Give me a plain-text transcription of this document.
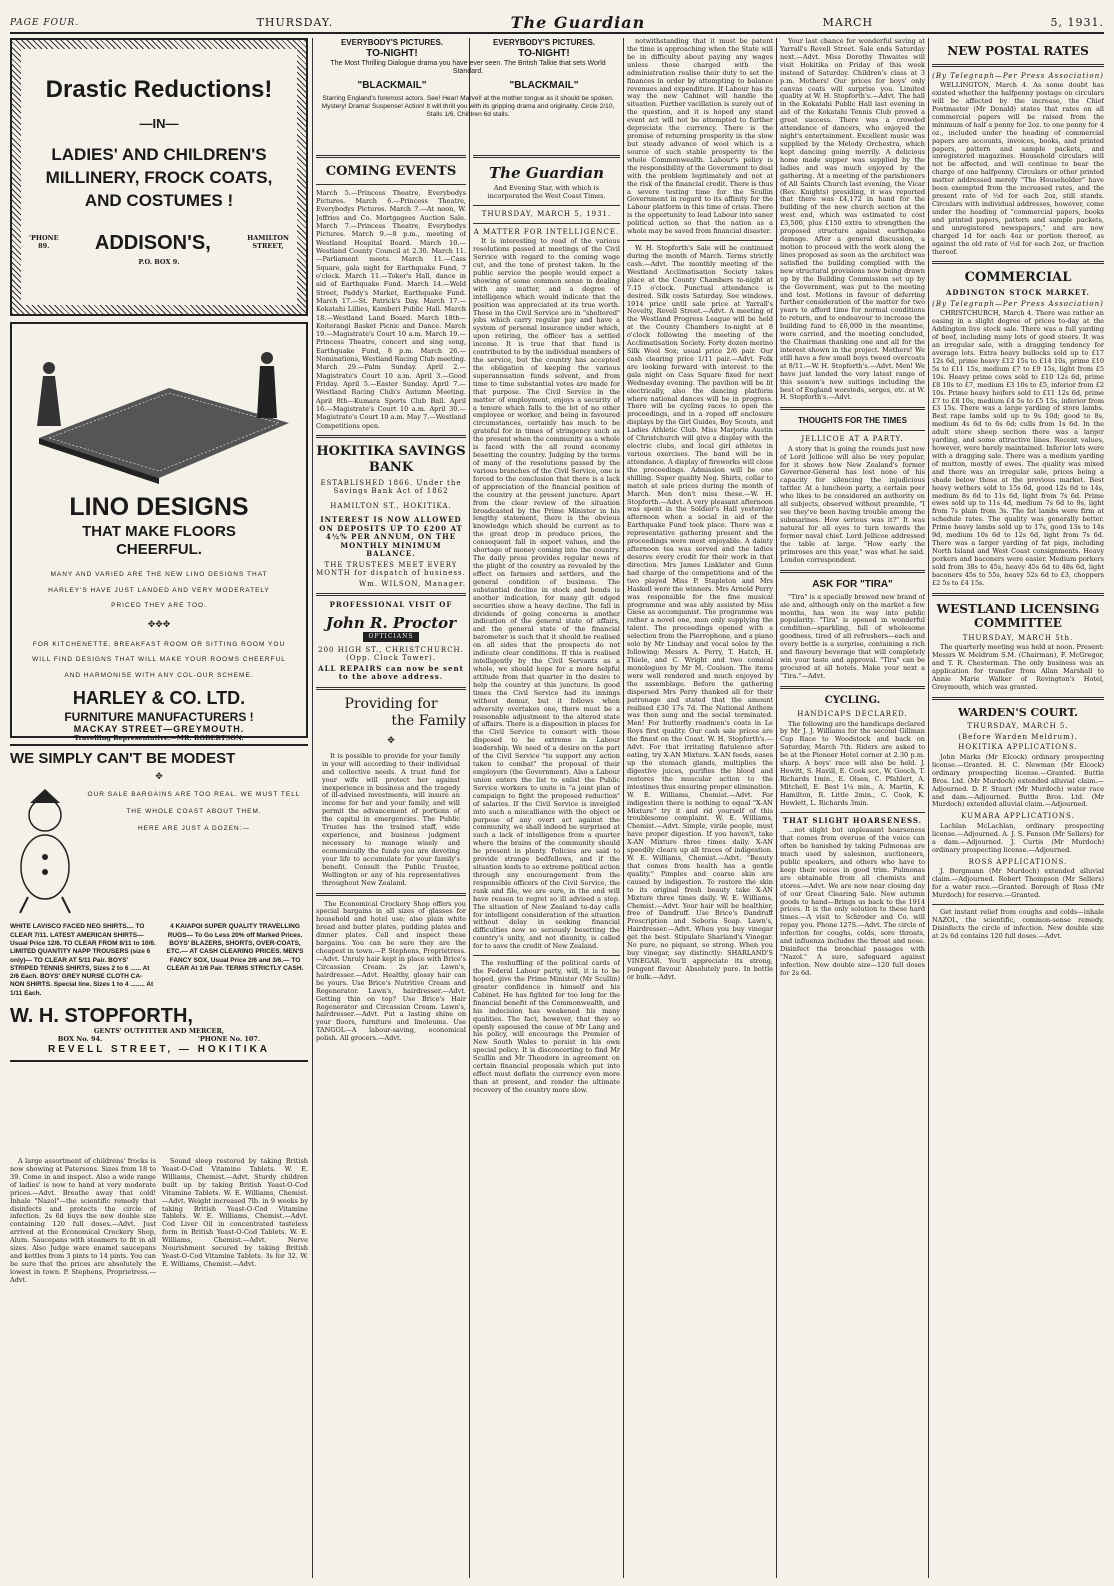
PAGE FOUR.	THURSDAY.	The Guardian	MARCH	5, 1931.
Drastic Reductions!
—IN—
LADIES' AND CHILDREN'S MILLINERY, FROCK COATS, AND COSTUMES !
'PHONE
89.	ADDISON'S,	HAMILTON
STREET,
P.O. BOX 9.
LINO DESIGNS
THAT MAKE FLOORS
CHEERFUL.
MANY AND VARIED ARE THE NEW LINO DESIGNS THAT HARLEY'S HAVE JUST LANDED AND VERY MODERATELY PRICED THEY ARE TOO.
✥✥✥
FOR KITCHENETTE, BREAKFAST ROOM OR SITTING ROOM YOU WILL FIND DESIGNS THAT WILL MAKE YOUR ROOMS CHEERFUL AND HARMONISE WITH ANY COL-OUR SCHEME.
HARLEY & CO. LTD.
FURNITURE MANUFACTURERS !
MACKAY STREET—GREYMOUTH.
Travelling Representative:—MR. ROBERTSON.
WE SIMPLY CAN'T BE MODEST
✥
OUR SALE BARGAINS ARE TOO REAL. WE MUST TELL THE WHOLE COAST ABOUT THEM.
HERE ARE JUST A DOZEN:—
WHITE LAVISCO FACED NEG SHIRTS.... TO CLEAR 7/11. LATEST AMERICAN SHIRTS— Usual Price 12/6. TO CLEAR FROM 8/11 to 10/6. LIMITED QUANTITY NAPP TROUSERS (size 6 only)— TO CLEAR AT 5/11 Pair. BOYS' STRIPED TENNIS SHIRTS, Sizes 2 to 6 ...... At 2/6 Each. BOYS' GREY NURSE CLOTH CA-NON SHIRTS. Special line. Sizes 1 to 4 ........ At 1/11 Each.
4 KAIAPOI SUPER QUALITY TRAVELLING RUGS— To Go Less 20% off Marked Prices. BOYS' BLAZERS, SHORTS, OVER-COATS, ETC.— AT CASH CLEARING PRICES. MEN'S FANCY SOX, Usual Price 2/6 and 3/6.— TO CLEAR At 1/6 Pair. TERMS STRICTLY CASH.
W. H. STOPFORTH,
GENTS' OUTFITTER AND MERCER,
BOX No. 94.	'PHONE No. 107.
REVELL STREET, — HOKITIKA
A large assortment of childrens' frocks is now showing at Patersons. Sizes from 18 to 39. Come in and inspect. Also a wide range of ladies' is now to hand at very moderate prices.—Advt. Breathe away that cold! Inhale "Nazol"—the scientific remedy that disinfects and protects the circle of infection. 2s 6d buys the new double size containing 120 full doses.—Advt. Just arrived at the Economical Crockery Shop, Alum. Saucepans with steamers to fit in all sizes. Also Judge ware enamel saucepans and kettles from 3 pints to 14 pints. You can be sure that the prices are absolutely the lowest in town. P. Stephens, Proprietress.—Advt.
Sound sleep restored by taking British Yeast-O-Cod Vitamine Tablets. W. E. Williams, Chemist.—Advt. Sturdy children built up by taking British Yeast-O-Cod Vitamine Tablets. W. E. Williams, Chemist.—Advt. Weight increased 7lb. in 9 weeks by taking British Yeast-O-Cod Vitamine Tablets. W. E. Williams, Chemist.—Advt. Cod Liver Oil in concentrated tasteless form in British Yeast-O-Cod Tablets. W. E. Williams, Chemist.—Advt. Nerve Nourishment secured by taking British Yeast-O-Cod Vitamine Tablets. 3s for 32. W. E. Williams, Chemist.—Advt.
EVERYBODY'S PICTURES.	EVERYBODY'S PICTURES.
TO-NIGHT!	TO-NIGHT!
The Most Thrilling Dialogue drama you have ever seen. The British Talkie that sets World Standard.
"BLACKMAIL"	"BLACKMAIL"
Starring England's foremost actors. See! Hear! Marvel! at the mother tongue as it should be spoken. Mystery! Drama! Suspense! Action! It will thrill you with its gripping drama and originality. Circle 2/10, Stalls 1/6, Children 6d stalls.
COMING EVENTS
March 5.—Princess Theatre, Everybodys Pictures. March 6.—Princess Theatre, Everybodys Pictures. March 7.—At noon, W. Jeffries and Co. Mortgagees Auction Sale. March 7.—Princess Theatre, Everybodys Pictures. March 9.—8 p.m., meeting of Westland Hospital Board. March 10.—Westland County Council at 2.30. March 11.—Parliament meets. March 11.—Cass Square, gala night for Earthquake Fund, 7 o'clock. March 11.—Toker's Hall, dance in aid of Earthquake Fund. March 14.—Weld Street, Paddy's Market, Earthquake Fund. March 17.—St. Patrick's Day. March 17.—Kokatahi Lillies, Kamberi Public Hall. March 18.—Westland Land Board. March 18th—Koiterangi Basket Picnic and Dance. March 19.—Magistrate's Court 10 a.m. March 19.—Princess Theatre, concert and sing song, Earthquake Fund, 8 p.m. March 26.—Nominations, Westland Racing Club meeting. March 29.—Palm Sunday. April 2.—Magistrate's Court 10 a.m. April 3.—Good Friday. April 5.—Easter Sunday. April 7.—Westland Racing Club's Autumn Meeting. April 8th—Kumara Sports Club Ball. April 16.—Magistrate's Court 10 a.m. April 30.—Magistrate's Court 10 a.m. May 7.—Westland Competitions open.
HOKITIKA SAVINGS BANK
ESTABLISHED 1866. Under the Savings Bank Act of 1862
HAMILTON ST., HOKITIKA.
INTEREST IS NOW ALLOWED ON DEPOSITS UP TO £200 AT 4½% PER ANNUM, ON THE MONTHLY MINIMUM BALANCE.
THE TRUSTEES MEET EVERY MONTH for dispatch of business.
Wm. WILSON, Manager.
PROFESSIONAL VISIT OF
John R. Proctor
OPTICIANS
200 HIGH ST., CHRISTCHURCH. (Opp. Clock Tower).
ALL REPAIRS can now be sent to the above address.
Providing for
the Family
✥
It is possible to provide for your family in your will according to their individual and collective needs. A trust fund for your wife will protect her against inexperience in business and the tragedy of ill-advised investments, will insure an income for her and your family, and will permit the advancement of portions of the capital in emergencies. The Public Trustee has the trained staff, wide experience, and business judgment necessary to manage wisely and economically the funds you are devoting your life to accumulate for your family's benefit. Consult the Public Trustee, Wellington or any of his representatives throughout New Zealand.
The Economical Crockery Shop offers you special bargains in all sizes of glasses for household and hotel use; also plain white bread and butter plates, pudding plates and dinner plates. Cell and inspect these bargains. You can be sure they are the cheapest in town.—P. Stephens, Proprietress.—Advt. Unruly hair kept in place with Brice's Circassian Cream. 2s jar. Lawn's, hairdresser.—Advt. Healthy, glossy hair can be yours. Use Brice's Nutritive Cream and Regenerator. Lawn's, hairdresser.—Advt. Getting thin on top? Use Brice's Hair Regenerator and Circassian Cream. Lawn's, hairdresser.—Advt. Put a lasting shine on your floors, furniture and linoleums. Use TANGOL—A labour-saving, economical polish. All grocers.—Advt.
The Guardian
And Evening Star, with which is incorporated the West Coast Times.
THURSDAY, MARCH 5, 1931.
A MATTER FOR INTELLIGENCE.
It is interesting to read of the various resolutions passed at meetings of the Civil Service with regard to the coming wage cut, and the tone of protest taken. In the public service the people would expect a showing of some common sense in dealing with any matter, and a degree of intelligence which would indicate that the position was appreciated at its true worth. Those in the Civil Service are in "sheltered" jobs which carry regular pay and have a system of personal insurance under which, upon retiring, the officer has a settled income. It is true that that fund is contributed to by the individual members of the service, but the country has accepted the obligation of keeping the various superannuation funds solvent, and from time to time substantial votes are made for that purpose. The Civil Service in the matter of employment, enjoys a security of a tenure which falls to the lot of no other employee or worker, and being in favoured circumstances, certainly has much to be grateful for in times of stringency such as the present when the community as a whole is faced with the all round economy besetting the country. Judging by the terms of many of the resolutions passed by the various branches of the Civil Service, one is forced to the conclusion that there is a lack of appreciation of the financial position of the country at the present juncture. Apart from the clear review of the situation broadcasted by the Prime Minister in his lengthy statement, there is the obvious knowledge which should be current as to the great drop in produce prices, the consequent fall in export values, and the shortage of money coming into the country. The daily press provides regular news of the plight of the country as revealed by the effect on farmers and settlers, and the general condition of business. The substantial decline in stock and bonds is another indication, for many gilt edged securities show a heavy decline. The fall in dividends of going concerns is another indication of the general state of affairs, and the general state of the financial barometer is such that it should be realised on all sides that the prospects do not indicate clear conditions. If this is realised intelligently by the Civil Servants as a whole, we should hope for a more helpful attitude from that quarter in the desire to help the country at this juncture. In good times the Civil Service had its innings without demur, but it follows when adversity overtakes one, there must be a reasonable adjustment to the altered state of affairs. There is a disposition in places for the Civil Service to consort with those disposed to be extreme in Labour leadership. We need of a desire on the part of the Civil Service "to support any action taken to combat" the proposal of their employers (the Government). Also a Labour union enters the list to enlist the Public Service workers to unite in "a joint plan of campaign to fight the proposed reduction" of salaries. If the Civil Service is inveigled into such a miscalliance with the object or purpose of any overt act against the community, we shall indeed be surprised at such a lack of intelligence from a quarter where the brains of the community should be present in plenty. Policies are said to provide strange bedfellows, and if the situation leads to so extreme political action through any encouragement from the responsible officers of the Civil Service, the rank and file, we are sure, in the end will have reason to regret so ill advised a step. The situation of New Zealand to-day calls for intelligent consideration of the situation without delay in seeking financial difficulties now so seriously besetting the country's unity, and not disunity, is called for to save the credit of New Zealand.
The reshuffling of the political cards of the Federal Labour party, will, it is to be hoped, give the Prime Minister (Mr Scullin) greater confidence in himself and his Cabinet. He has fighted for too long for the financial benefit of the Commonwealth, and his indecision has weakened his many qualities. The fact, however, that they so openly espoused the cause of Mr Lang and his policy, will encourage the Premier of New South Wales to persist in his own special policy. It is disconcerting to find Mr Scullin and Mr Theodore in agreement on certain financial proposals which put into effect must deflate the currency even more than at present, and render the ultimate recovery of the country more slow.
notwithstanding that it must be patent the time is approaching when the State will be in difficulty about paying any wages unless those charged with the administration realise their duty to set the finances in order by attempting to balance revenues and expenditure. If Labour has its way the new Cabinet will handle the situation. Further vacillation is surely out of the question, and it is hoped any stand event act will not be attempted to further depreciate the currency. There is the promise of returning prosperity in the slow but steady advance of wool which is a source of such stable prosperity to the whole Commonwealth. Labour's policy is the responsibility of the Government to deal with the problem legitimately and not at the risk of the financial credit. There is thus a severe testing time for the Scullin Government in regard to its affinity for the Labour platform in this time of crisis. There is the opportunity to lead Labour into saner political action so that the nation as a whole may be saved from financial disaster.
W. H. Stopforth's Sale will be continued during the month of March. Terms strictly cash.—Advt. The monthly meeting of the Westland Acclimatisation Society takes place at the County Chambers to-night at 7.15 o'clock. Punctual attendance is desired. Silk costs Saturday. See windows. 1914 price until sale price at Yarrall's Novelty, Revell Street.—Advt. A meeting of the Westland Progress League will be held at the County Chambers to-night at 8 o'clock following the meeting of the Acclimatisation Society. Forty dozen merino Silk Wool Sox; usual price 2/6 pair. Our cash clearing price 1/11 pair.—Advt. Folk are looking forward with interest to the gala night on Cass Square fixed for next Wednesday evening. The pavilion will be lit electrically, also the dancing platform where national dances will be in progress. There will be cycling races to open the proceedings, and in a roped off enclosure displays by the Girl Guides, Boy Scouts, and Ladies Athletic Club. Miss Marjorie Austin of Christchurch will give a display with the electric clubs, and local girl athletes in various exercises. The band will be in attendance. A display of fireworks will close the proceedings. Admission will be one shilling. Super quality Neg. Shirts, collar to match at sale prices during the month of March. Men don't miss these.—W. H. Stopforth.—Advt. A very pleasant afternoon was spent in the Soldier's Hall yesterday afternoon when a social in aid of the Earthquake Fund took place. There was a representative gathering present and the proceedings were most enjoyable. A dainty afternoon tea was served and the ladies deserve every credit for their work in that direction. Mrs James Linklater and Gunn had charge of the competitions and of the two played Miss P. Stapleton and Mrs Haskell were the winners. Mrs Arnold Perry was responsible for the fine musical programme and was ably assisted by Miss Giese as accompanist. The programme was rather a novel one, men only supplying the talent. The proceedings opened with a selection from the Pierrophone, and a piano solo by Mr Lindsay and vocal solos by the following: Messrs A. Perry, T. Hatch, H. Thiele, and C. Wright and two comical monologues by Mr M. Coulson. The items were well rendered and much enjoyed by the assemblage. Before the gathering dispersed Mrs Perry thanked all for their patronage and stated that the amount realised £30 17s 7d. The National Anthem was then sung and the social terminated. Men! For butterfly roadmen's coats in Le Roys first quality. Our cash sale prices are the finest on the Coast. W. H. Stopforth's.—Advt. For that irritating flatulence after eating, try X-AN Mixture. X-AN feeds, eases up the stomach glands, multiplies the digestive juices, purifies the blood and restores the muscular action to the intestines thus ensuring proper elimination. W. E. Williams, Chemist.—Advt. For indigestion there is nothing to equal "X-AN Mixture" try it and rid yourself of this troublesome complaint. W. E. Williams, Chemist.—Advt. Simple, virile people, must have proper digestion. If you haven't, take X-AN Mixture three times daily. X-AN speedily clears up all traces of indigestion. W. E. Williams, Chemist.—Advt. "Beauty that comes from health has a gentle quality." Pimples and coarse skin are caused by indigestion. To restore the skin to its original fresh beauty take X-AN Mixture three times daily. W. E. Williams, Chemist.—Advt. Your hair will be healthier, free of Dandruff. Use Brice's Dandruff Prescription and Seboria Soap. Lawn's, Hairdresser.—Advt. When you buy vinegar get the best. Stipulate Sharland's Vinegar. No pure, no piquant, so strong. When you buy vinegar, say distinctly: SHARLAND'S VINEGAR. You'll appreciate its strong, pungent flavour. Absolutely pure. In bottle or bulk.—Advt.
Your last chance for wonderful saving at Yarrall's Revell Street. Sale ends Saturday next.—Advt. Miss Dorothy Thwaites will visit Hokitika on Friday of this week instead of Saturday. Children's class at 3 p.m. Mothers! Our prices for boys' only canvas coats will surprise you. Limited quality at W. H. Stopforth's.—Advt. The hall in the Kokatahi Public Hall last evening in aid of the Kokatahi Tennis Club proved a great success. There was a crowded attendance of dancers, who enjoyed the night's entertainment. Excellent music was supplied by the Melody Orchestra, which kept dancing going merrily. A delicious home made supper was supplied by the ladies and was much enjoyed by the gathering. At a meeting of the parishioners of All Saints Church last evening, the Vicar (Rev. Knights) presiding, it was reported that there was £4,172 in hand for the building of the new church section at the west end, which was estimated to cost £3,500, plus £150 extra to strengthen the proposed structure against earthquake damage. After a general discussion, a motion to proceed with the work along the lines proposed as soon as the architect was satisfied the building complied with the new structural provisions now being drawn up by the Building Commission set up by the Government, was put to the meeting and lost. Motions in favour of deferring further consideration of the matter for two years to afford time for normal conditions to return, and to endeavour to increase the building fund to £6,000 in the meantime, were carried, and the meeting concluded, the Chairman thanking one and all for the interest shown in the project. Mothers! We still have a few small boys tweed overcoats at 8/11.—W. H. Stopforth's.—Advt. Men! We have just landed the very latest range of this season's new suitings including the best of England worsteds, serges, etc. at W. H. Stopforth's.—Advt.
THOUGHTS FOR THE TIMES
JELLICOE AT A PARTY.
A story that is going the rounds just now of Lord Jellicoe will also be very popular, for it shows how New Zealand's former Governor-General has lost none of his capacity for silencing the injudicious tattler. At a luncheon party, a certain peer who likes to be considered an authority on all subjects, observed without preamble, "I see they've been having trouble among the submarines. How serious was it?" It was natural for all eyes to turn towards the former naval chief. Lord Jellicoe addressed the table at large. "How early the primroses are this year," was what he said. London correspondent.
ASK FOR "TIRA"
"Tira" is a specially brewed new brand of ale and, although only on the market a few months, has won its way into public popularity. "Tira" is opened in wonderful condition—sparkling, full of wholesome goodness, tired of all refreshers—each and every bottle is a surprise, containing a rich and flavoury beverage that will completely win your taste and approval. "Tira" can be procured at all hotels. Make your next a "Tira."—Advt.
CYCLING.
HANDICAPS DECLARED.
The following are the handicaps declared by Mr J. J. Williams for the second Gillman Cup Race to Woodstock and back on Saturday, March 7th. Riders are asked to be at the Pioneer Hotel corner at 2.30 p.m. sharp. A boys' race will also be held. J. Hewitt, S. Havill, E. Cook scr., W. Gooch, T. Richards 1min., E. Olsen, C. Pfahlert, A. Mitchell, E. Best 1¼ min., A. Martin, K. Hamilton, R. Little 2min., C. Cook, K. Hewlett, L. Richards 3min.
THAT SLIGHT HOARSENESS.
...not slight but unpleasant hoarseness that comes from overuse of the voice can often be banished by taking Pulmonas are much used by salesmen, auctioneers, public speakers, and others who have to keep their voices in good trim. Pulmonas are obtainable from all chemists and stores.—Advt. We are now near closing day of our Great Clearing Sale. New autumn goods to hand—Brings us back to the 1914 prices. It is the only solution to these hard times.—A visit to Schroder and Co. will repay you. Phone 127S.—Advt. The circle of infection for coughs, colds, sore throats, and influenza includes the throat and nose. Disinfect the bronchial passages with "Nazol." A sure, safeguard against infection. New double size—120 full doses for 2s 6d.
NEW POSTAL RATES
(By Telegraph—Per Press Association)
WELLINGTON, March 4. As some doubt has existed whether the halfpenny postage on circulars will be affected by the increase, the Chief Postmaster (Mr Donald) states that rates on all commercial papers will be raised from the minimum of half a penny for 2oz. to one penny for 4 oz., included under the heading of commercial papers are accounts, invoices, books, and printed papers, pattern and sample packets, and unregistered magazines. Household circulars will not be affected, and will continue to bear the charge of one halfpenny. Circulars or other printed matter addressed merely "The Householder" have been exempted from the increased rates, and the present rate of ½d for each 2oz, still stands. Circulars with individual addresses, however, come under the heading of "commercial papers, books and printed papers, pattern and sample packets, and unregistered newspapers," and are now charged 1d for each 4oz or portion thereof, as against the old rate of ½d for each 2oz, or fraction thereof.
COMMERCIAL
ADDINGTON STOCK MARKET.
(By Telegraph—Per Press Association)
CHRISTCHURCH, March 4. There was rather an easing in a slight degree of prices to-day at the Addington live stock sale. There was a full yarding of beef, including many lots of good steers. It was an irregular sale, with a dragging tendency for average lots. Extra heavy bullocks sold up to £17 12s 6d, prime heavy £12 15s to £14 10s, prime £10 5s to £11 15s, medium £7 to £9 15s, light from £5 10s. Heavy prime cows sold to £10 12s 6d, prime £8 10s to £7, medium £3 10s to £5, inferior from £2 10s. Prime heavy heifers sold to £11 12s 6d, prime £7 to £8 10s, medium £4 5s to £5 15s, inferior from £3 15s. There was a large yarding of store lambs. Best rape lambs sold up to 9s 10d; good to 8s, medium 4s 6d to 6s 6d; culls from 1s 6d. In the adult store sheep section there was a larger yarding, and some attractive lines. Recent values, however, were barely maintained. Inferior lots were with a dragging sale. There was a medium yarding of mutton, mostly of ewes. The quality was mixed and there was an irregular sale, prices being a shade below those at the previous market. Best heavy wethers sold to 15s 6d, good 12s 6d to 14s, medium 8s 6d to 11s 6d, light from 7s 6d. Prime ewes sold up to 11s 4d, medium 7s 6d to 9s, light from 7s plain from 3s. The fat lambs were firm at schedule rates. The quality was generally better. Prime heavy lambs sold up to 17s, good 13s to 14s 9d, medium 10s 6d to 12s 6d, light from 7s 6d. There was a larger yarding of fat pigs, including North Island and West Coast consignments. Heavy porkers and baconers were easier. Medium porkers sold from 38s to 45s, heavy 45s 6d to 48s 6d, light baconers 45s to 55s, heavy 52s 6d to £3, choppers £2 5s to £4 15s.
WESTLAND LICENSING COMMITTEE
THURSDAY, MARCH 5th.
The quarterly meeting was held at noon. Present: Messrs W. Meldrum S.M. (Chairman), F. McGregor, and T. R. Chesterman. The only business was an application for transfer from Allan Marshall to Annie Marie Walker of Revington's Hotel, Greymouth, which was granted.
WARDEN'S COURT.
THURSDAY, MARCH 5.
(Before Warden Meldrum).
HOKITIKA APPLICATIONS.
John Marks (Mr Elcock) ordinary prospecting license.—Granted. H. C. Newman (Mr Elcock) ordinary prospecting license.—Granted. Buttle Bros. Ltd. (Mr Murdoch) extended alluvial claim.—Adjourned. D. P. Stuart (Mr Murdoch) water race and dam.—Adjourned. Buttle Bros. Ltd. (Mr Murdoch) extended alluvial claim.—Adjourned.
KUMARA APPLICATIONS.
Lachlan McLachlan, ordinary prospecting license.—Adjourned. A. J. S. Fenson (Mr Sellers) for a dam.—Adjourned. J. Curtis (Mr Murdoch) ordinary prospecting license.—Adjourned.
ROSS APPLICATIONS.
J. Bergmann (Mr Murdoch) extended alluvial claim.—Adjourned. Robert Thompson (Mr Sellers) for a water race.—Granted. Borough of Ross (Mr Murdoch) for reserve.—Granted.
Get instant relief from coughs and colds—inhale NAZOL, the scientific, common-sense remedy. Disinfects the circle of infection. New double size at 2s 6d contains 120 full doses.—Advt.
